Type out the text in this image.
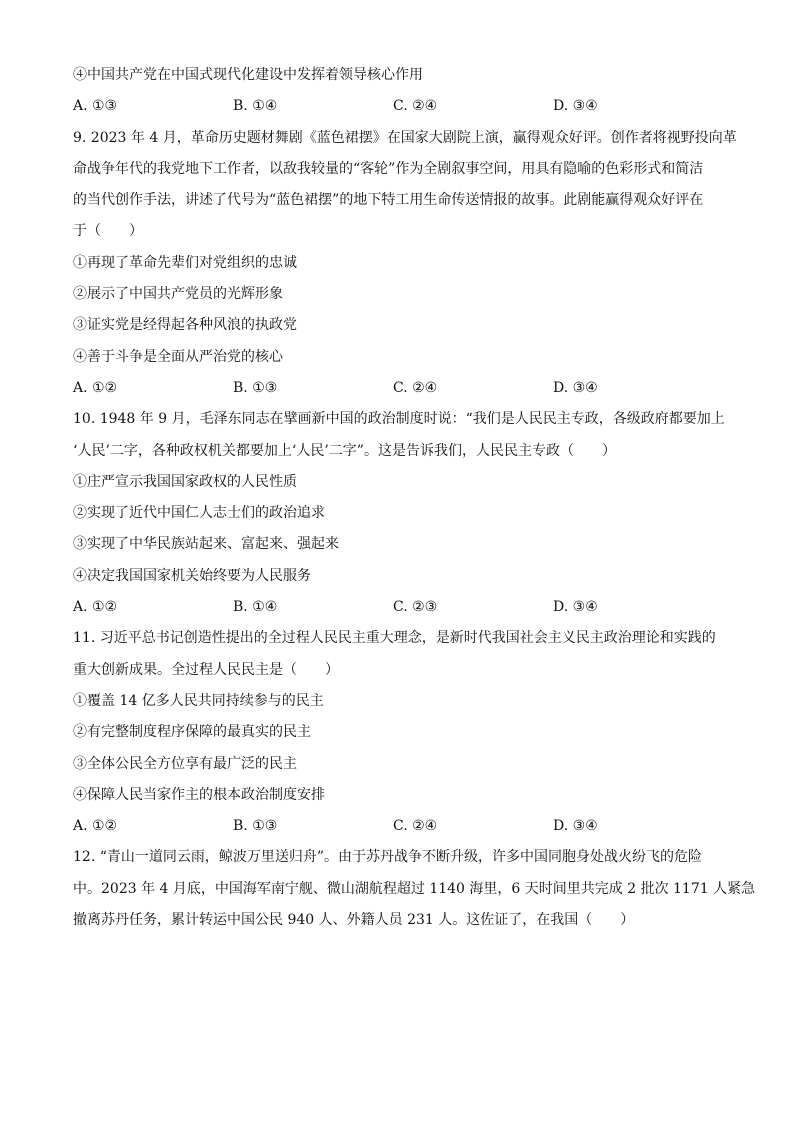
④中国共产党在中国式现代化建设中发挥着领导核心作用
A. ①③	B. ①④	C. ②④	D. ③④
9. 2023 年 4 月，革命历史题材舞剧《蓝色裙摆》在国家大剧院上演，赢得观众好评。创作者将视野投向革
命战争年代的我党地下工作者，以敌我较量的“客轮”作为全剧叙事空间，用具有隐喻的色彩形式和简洁
的当代创作手法，讲述了代号为“蓝色裙摆”的地下特工用生命传送情报的故事。此剧能赢得观众好评在
于（　　）
①再现了革命先辈们对党组织的忠诚
②展示了中国共产党员的光辉形象
③证实党是经得起各种风浪的执政党
④善于斗争是全面从严治党的核心
A. ①②	B. ①③	C. ②④	D. ③④
10. 1948 年 9 月，毛泽东同志在擘画新中国的政治制度时说：“我们是人民民主专政，各级政府都要加上
‘人民’二字，各种政权机关都要加上‘人民’二字”。这是告诉我们，人民民主专政（　　）
①庄严宣示我国国家政权的人民性质
②实现了近代中国仁人志士们的政治追求
③实现了中华民族站起来、富起来、强起来
④决定我国国家机关始终要为人民服务
A. ①②	B. ①④	C. ②③	D. ③④
11. 习近平总书记创造性提出的全过程人民民主重大理念，是新时代我国社会主义民主政治理论和实践的
重大创新成果。全过程人民民主是（　　）
①覆盖 14 亿多人民共同持续参与的民主
②有完整制度程序保障的最真实的民主
③全体公民全方位享有最广泛的民主
④保障人民当家作主的根本政治制度安排
A. ①②	B. ①③	C. ②④	D. ③④
12. “青山一道同云雨，鲸波万里送归舟”。由于苏丹战争不断升级，许多中国同胞身处战火纷飞的危险
中。2023 年 4 月底，中国海军南宁舰、微山湖航程超过 1140 海里，6 天时间里共完成 2 批次 1171 人紧急
撤离苏丹任务，累计转运中国公民 940 人、外籍人员 231 人。这佐证了，在我国（　　）
